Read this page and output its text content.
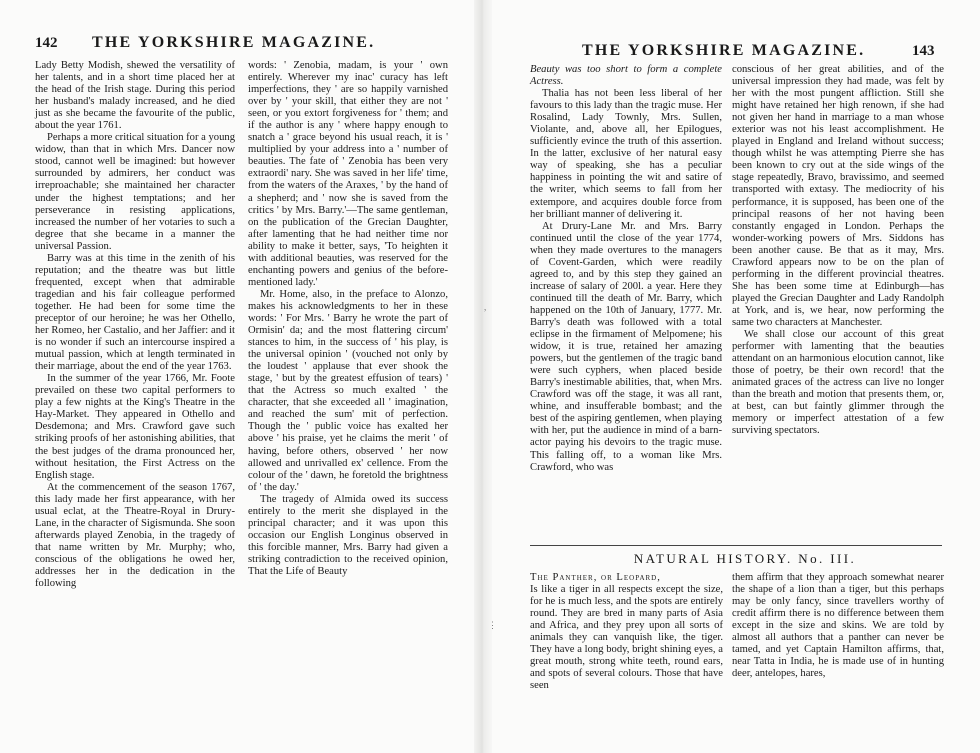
142 THE YORKSHIRE MAGAZINE.

Lady Betty Modish, shewed the versatility of her talents, and in a short time placed her at the head of the Irish stage. During this period her husband's malady increased, and he died just as she became the favourite of the public, about the year 1761.

Perhaps a more critical situation for a young widow, than that in which Mrs. Dancer now stood, cannot well be imagined: but however surrounded by admirers, her conduct was irreproachable; she maintained her character under the highest temptations; and her perseverance in resisting applications, increased the number of her votaries to such a degree that she became in a manner the universal Passion.

Barry was at this time in the zenith of his reputation; and the theatre was but little frequented, except when that admirable tragedian and his fair colleague performed together. He had been for some time the preceptor of our heroine; he was her Othello, her Romeo, her Castalio, and her Jaffier: and it is no wonder if such an intercourse inspired a mutual passion, which at length terminated in their marriage, about the end of the year 1763.

In the summer of the year 1766, Mr. Foote prevailed on these two capital performers to play a few nights at the King's Theatre in the Hay-Market. They appeared in Othello and Desdemona; and Mrs. Crawford gave such striking proofs of her astonishing abilities, that the best judges of the drama pronounced her, without hesitation, the First Actress on the English stage.

At the commencement of the season 1767, this lady made her first appearance, with her usual eclat, at the Theatre-Royal in Drury-Lane, in the character of Sigismunda. She soon afterwards played Zenobia, in the tragedy of that name written by Mr. Murphy; who, conscious of the obligations he owed her, addresses her in the dedication in the following

words: ' Zenobia, madam, is your ' own entirely. Wherever my inac' curacy has left imperfections, they ' are so happily varnished over by ' your skill, that either they are not ' seen, or you extort forgiveness for ' them; and if the author is any ' where happy enough to snatch a ' grace beyond his usual reach, it is ' multiplied by your address into a ' number of beauties. The fate of ' Zenobia has been very extraordi' nary. She was saved in her life' time, from the waters of the Araxes, ' by the hand of a shepherd; and ' now she is saved from the critics ' by Mrs. Barry.'—The same gentleman, on the publication of the Grecian Daughter, after lamenting that he had neither time nor ability to make it better, says, 'To heighten it with additional beauties, was reserved for the enchanting powers and genius of the before-mentioned lady.'

Mr. Home, also, in the preface to Alonzo, makes his acknowledgments to her in these words: ' For Mrs. ' Barry he wrote the part of Ormisin' da; and the most flattering circum' stances to him, in the success of ' his play, is the universal opinion ' (vouched not only by the loudest ' applause that ever shook the stage, ' but by the greatest effusion of tears) ' that the Actress so much exalted ' the character, that she exceeded all ' imagination, and reached the sum' mit of perfection. Though the ' public voice has exalted her above ' his praise, yet he claims the merit ' of having, before others, observed ' her now allowed and unrivalled ex' cellence. From the colour of the ' dawn, he foretold the brightness of ' the day.'

The tragedy of Almida owed its success entirely to the merit she displayed in the principal character; and it was upon this occasion our English Longinus observed in this forcible manner, Mrs. Barry had given a striking contradiction to the received opinion, That the Life of Beauty

THE YORKSHIRE MAGAZINE.	143

Beauty was too short to form a complete Actress.

Thalia has not been less liberal of her favours to this lady than the tragic muse. Her Rosalind, Lady Townly, Mrs. Sullen, Violante, and, above all, her Epilogues, sufficiently evince the truth of this assertion. In the latter, exclusive of her natural easy way of speaking, she has a peculiar happiness in pointing the wit and satire of the writer, which seems to fall from her extempore, and acquires double force from her brilliant manner of delivering it.

At Drury-Lane Mr. and Mrs. Barry continued until the close of the year 1774, when they made overtures to the managers of Covent-Garden, which were readily agreed to, and by this step they gained an increase of salary of 200l. a year. Here they continued till the death of Mr. Barry, which happened on the 10th of January, 1777. Mr. Barry's death was followed with a total eclipse in the firmament of Melpomene; his widow, it is true, retained her amazing powers, but the gentlemen of the tragic band were such cyphers, when placed beside Barry's inestimable abilities, that, when Mrs. Crawford was off the stage, it was all rant, whine, and insufferable bombast; and the best of the aspiring gentlemen, when playing with her, put the audience in mind of a barn-actor paying his devoirs to the tragic muse. This falling off, to a woman like Mrs. Crawford, who was

conscious of her great abilities, and of the universal impression they had made, was felt by her with the most pungent affliction. Still she might have retained her high renown, if she had not given her hand in marriage to a man whose exterior was not his least accomplishment. He played in England and Ireland without success; though whilst he was attempting Pierre she has been known to cry out at the side wings of the stage repeatedly, Bravo, bravissimo, and seemed transported with extasy. The mediocrity of his performance, it is supposed, has been one of the principal reasons of her not having been constantly engaged in London. Perhaps the wonder-working powers of Mrs. Siddons has been another cause. Be that as it may, Mrs. Crawford appears now to be on the plan of performing in the different provincial theatres. She has been some time at Edinburgh—has played the Grecian Daughter and Lady Randolph at York, and is, we hear, now performing the same two characters at Manchester.

We shall close our account of this great performer with lamenting that the beauties attendant on an harmonious elocution cannot, like those of poetry, be their own record! that the animated graces of the actress can live no longer than the breath and motion that presents them, or, at best, can but faintly glimmer through the memory or imperfect attestation of a few surviving spectators.

NATURAL HISTORY. No. III.

The Panther, or Leopard,
Is like a tiger in all respects except the size, for he is much less, and the spots are entirely round. They are bred in many parts of Asia and Africa, and they prey upon all sorts of animals they can vanquish like, the tiger. They have a long body, bright shining eyes, a great mouth, strong white teeth, round ears, and spots of several colours. Those that have seen

them affirm that they approach somewhat nearer the shape of a lion than a tiger, but this perhaps may be only fancy, since travellers worthy of credit affirm there is no difference between them except in the size and skins. We are told by almost all authors that a panther can never be tamed, and yet Captain Hamilton affirms, that, near Tatta in India, he is made use of in hunting deer, antelopes, hares,

,
⋮
